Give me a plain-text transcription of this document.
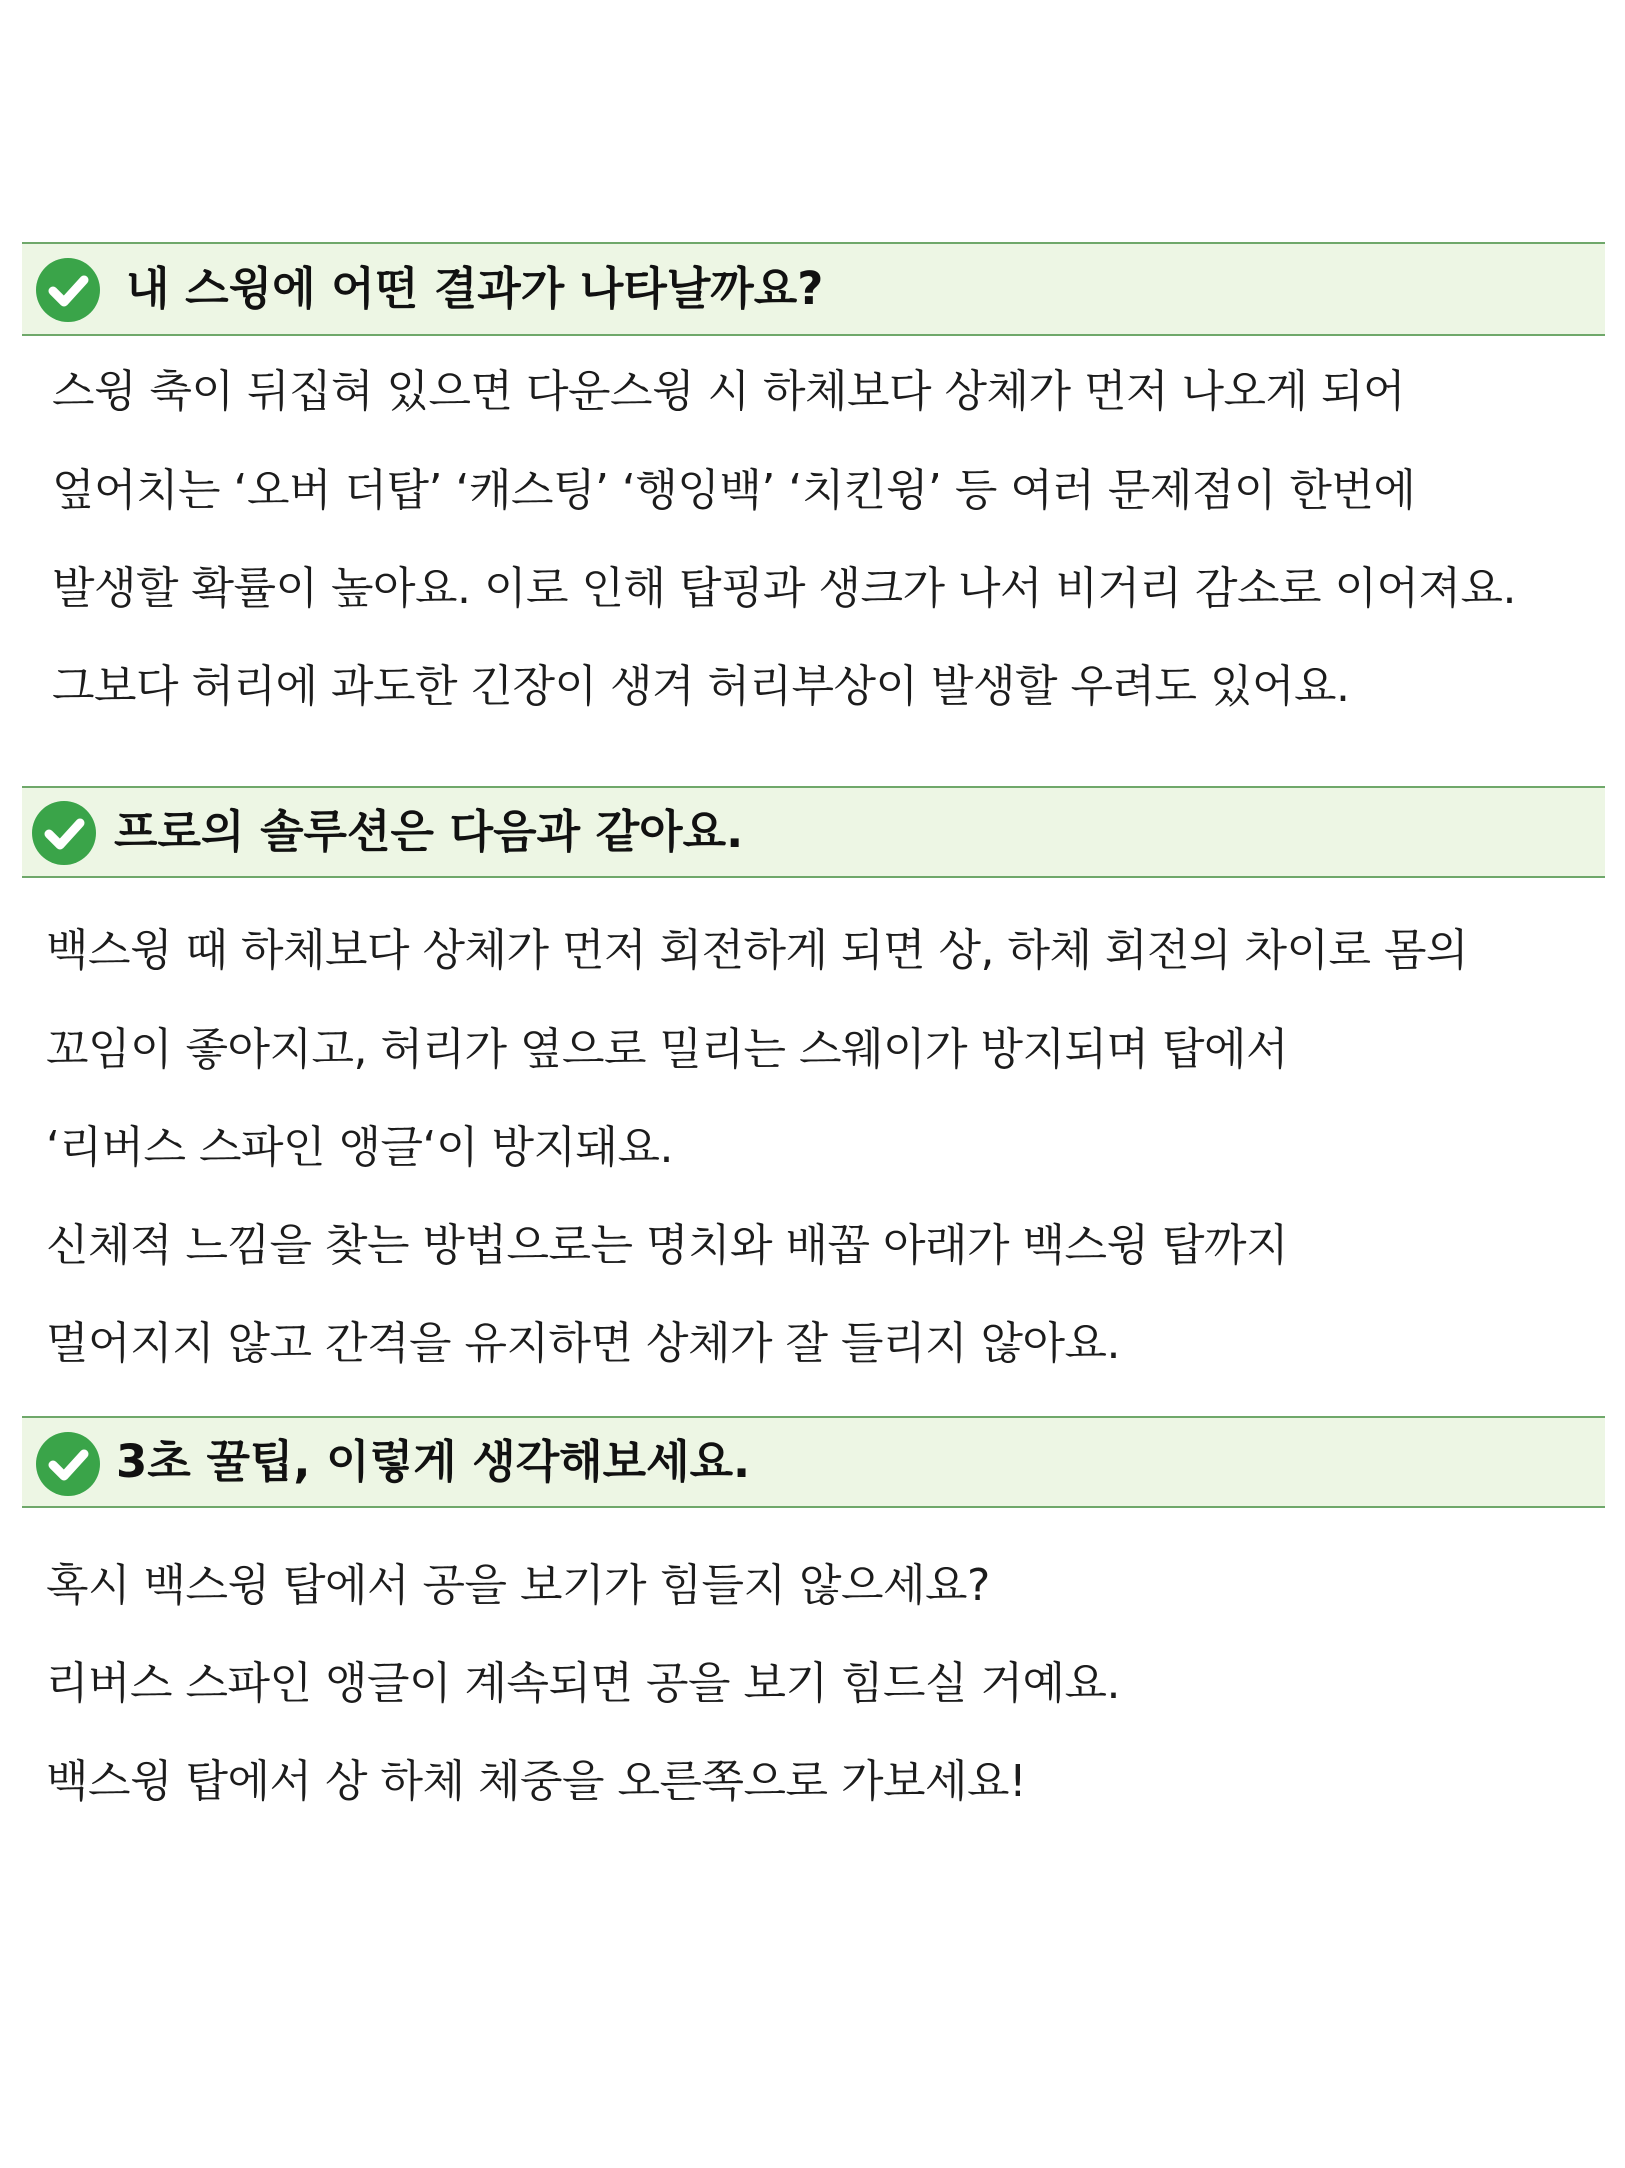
내 스윙에 어떤 결과가 나타날까요?
스윙 축이 뒤집혀 있으면 다운스윙 시 하체보다 상체가 먼저 나오게 되어
엎어치는 ‘오버 더탑’ ‘캐스팅’ ‘행잉백’ ‘치킨윙’ 등 여러 문제점이 한번에
발생할 확률이 높아요. 이로 인해 탑핑과 생크가 나서 비거리 감소로 이어져요.
그보다 허리에 과도한 긴장이 생겨 허리부상이 발생할 우려도 있어요.
프로의 솔루션은 다음과 같아요.
백스윙 때 하체보다 상체가 먼저 회전하게 되면 상, 하체 회전의 차이로 몸의
꼬임이 좋아지고, 허리가 옆으로 밀리는 스웨이가 방지되며 탑에서
‘리버스 스파인 앵글‘이 방지돼요.
신체적 느낌을 찾는 방법으로는 명치와 배꼽 아래가 백스윙 탑까지
멀어지지 않고 간격을 유지하면 상체가 잘 들리지 않아요.
3초 꿀팁, 이렇게 생각해보세요.
혹시 백스윙 탑에서 공을 보기가 힘들지 않으세요?
리버스 스파인 앵글이 계속되면 공을 보기 힘드실 거예요.
백스윙 탑에서 상 하체 체중을 오른쪽으로 가보세요!
